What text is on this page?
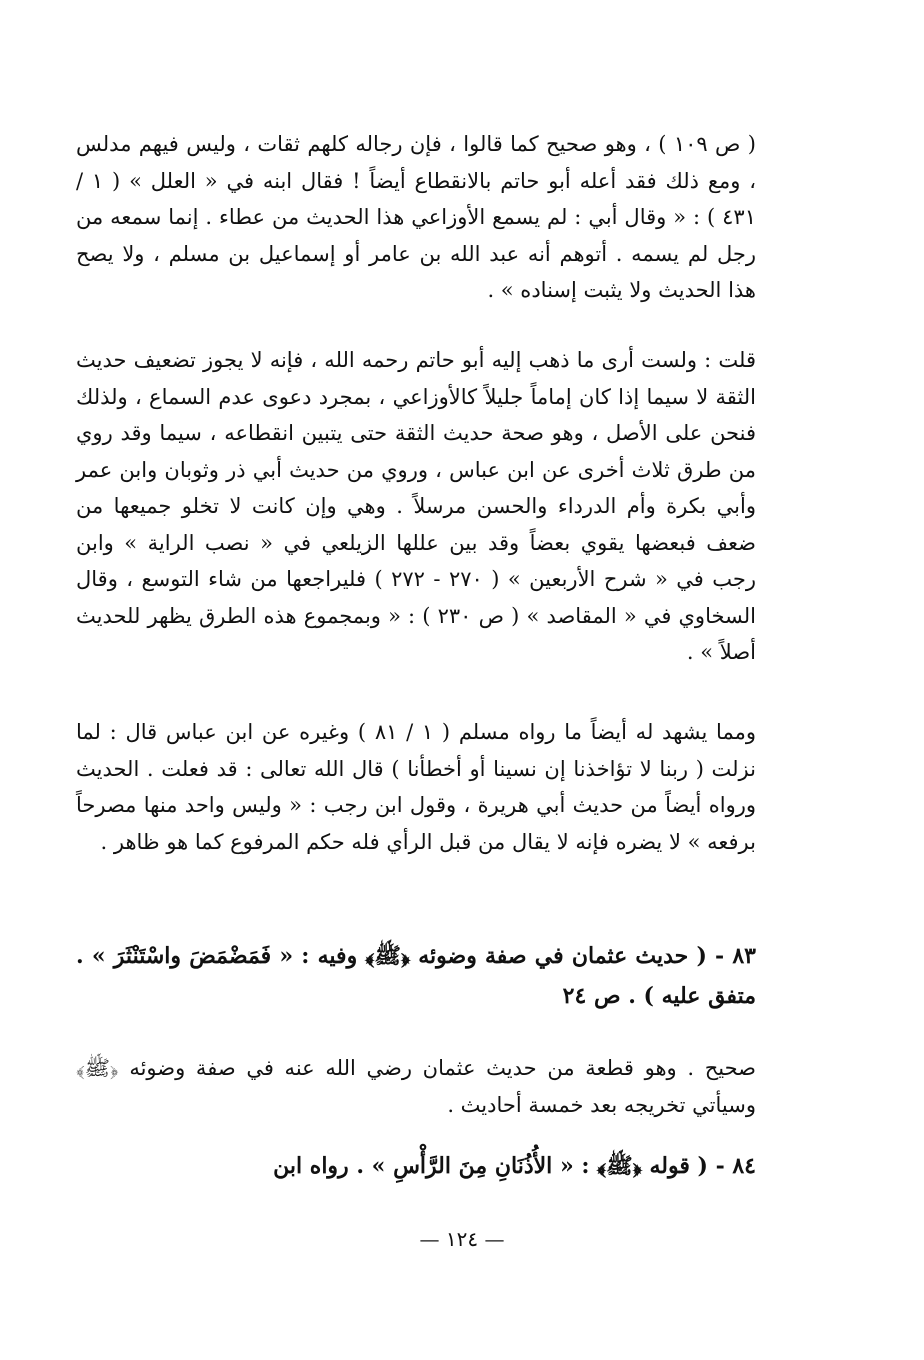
( ص ١٠٩ ) ، وهو صحيح كما قالوا ، فإن رجاله كلهم ثقات ، وليس فيهم مدلس ، ومع ذلك فقد أعله أبو حاتم بالانقطاع أيضاً ! فقال ابنه في « العلل » ( ١ / ٤٣١ ) : « وقال أبي : لم يسمع الأوزاعي هذا الحديث من عطاء . إنما سمعه من رجل لم يسمه . أتوهم أنه عبد الله بن عامر أو إسماعيل بن مسلم ، ولا يصح هذا الحديث ولا يثبت إسناده » .

قلت : ولست أرى ما ذهب إليه أبو حاتم رحمه الله ، فإنه لا يجوز تضعيف حديث الثقة لا سيما إذا كان إماماً جليلاً كالأوزاعي ، بمجرد دعوى عدم السماع ، ولذلك فنحن على الأصل ، وهو صحة حديث الثقة حتى يتبين انقطاعه ، سيما وقد روي من طرق ثلاث أخرى عن ابن عباس ، وروي من حديث أبي ذر وثوبان وابن عمر وأبي بكرة وأم الدرداء والحسن مرسلاً . وهي وإن كانت لا تخلو جميعها من ضعف فبعضها يقوي بعضاً وقد بين عللها الزيلعي في « نصب الراية » وابن رجب في « شرح الأربعين » ( ٢٧٠ - ٢٧٢ ) فليراجعها من شاء التوسع ، وقال السخاوي في « المقاصد » ( ص ٢٣٠ ) : « وبمجموع هذه الطرق يظهر للحديث أصلاً » .

ومما يشهد له أيضاً ما رواه مسلم ( ١ / ٨١ ) وغيره عن ابن عباس قال : لما نزلت ( ربنا لا تؤاخذنا إن نسينا أو أخطأنا ) قال الله تعالى : قد فعلت . الحديث ورواه أيضاً من حديث أبي هريرة ، وقول ابن رجب : « وليس واحد منها مصرحاً برفعه » لا يضره فإنه لا يقال من قبل الرأي فله حكم المرفوع كما هو ظاهر .

٨٣ - ( حديث عثمان في صفة وضوئه ﴿ﷺ﴾ وفيه : « فَمَضْمَضَ واسْتَنْثَرَ » . متفق عليه ) . ص ٢٤

صحيح . وهو قطعة من حديث عثمان رضي الله عنه في صفة وضوئه ﴿ﷺ﴾ وسيأتي تخريجه بعد خمسة أحاديث .

٨٤ - ( قوله ﴿ﷺ﴾ : « الأُذُنَانِ مِنَ الرَّأْسِ » . رواه ابن

— ١٢٤ —
